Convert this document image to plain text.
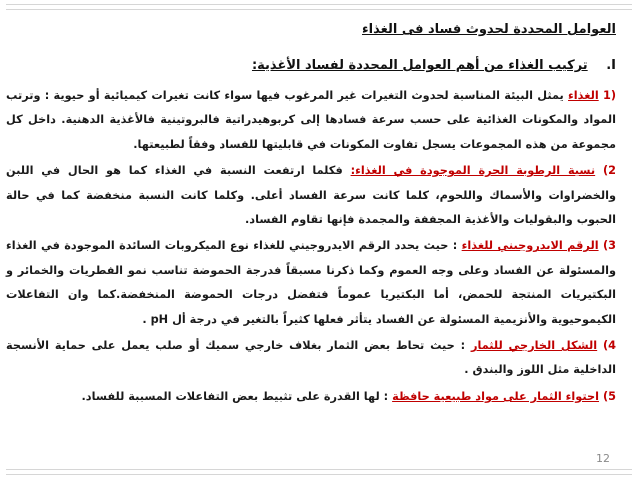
العوامل المحددة لحدوث فساد فى الغذاء
I. تركيب الغذاء من أهم العوامل المحددة لفساد الأغذية:

(1 الغذاء يمثل البيئة المناسبة لحدوث التغيرات غير المرغوب فيها سواء كانت تغيرات كيميائية أو حيوية : وترتب المواد والمكونات الغذائية على حسب سرعة فسادها إلى كربوهيدراتية فالبروتينية فالأغذية الدهنية. داخل كل مجموعة من هذه المجموعات يسجل تفاوت المكونات في قابليتها للفساد وفقاً لطبيعتها.

2) نسبة الرطوبة الحرة الموجودة في الغذاء: فكلما ارتفعت النسبة في الغذاء كما هو الحال في اللبن والخضراوات والأسماك واللحوم، كلما كانت سرعة الفساد أعلى. وكلما كانت النسبة منخفضة كما في حالة الحبوب والبقوليات والأغذية المجففة والمجمدة فإنها تقاوم الفساد.

3) الرقم الايدروجيني للغذاء : حيث يحدد الرقم الايدروجيني للغذاء نوع الميكروبات السائدة الموجودة في الغذاء والمسئولة عن الفساد وعلى وجه العموم وكما ذكرنا مسبقاً فدرجة الحموضة تناسب نمو الفطريات والخمائر و البكتيريات المنتجة للحمض، أما البكتيريا عموماً فتفضل درجات الحموضة المنخفضة.كما وان التفاعلات الكيموحيوية والأنزيمية المسئولة عن الفساد يتأثر فعلها كثيراً بالتغير في درجة أل pH .

4) الشكل الخارجي للثمار : حيث تحاط بعض الثمار بغلاف خارجي سميك أو صلب يعمل على حماية الأنسجة الداخلية مثل اللوز والبندق .

5) احتواء الثمار على مواد طبيعية حافظة : لها القدرة على تثبيط بعض التفاعلات المسببة للفساد.

12
